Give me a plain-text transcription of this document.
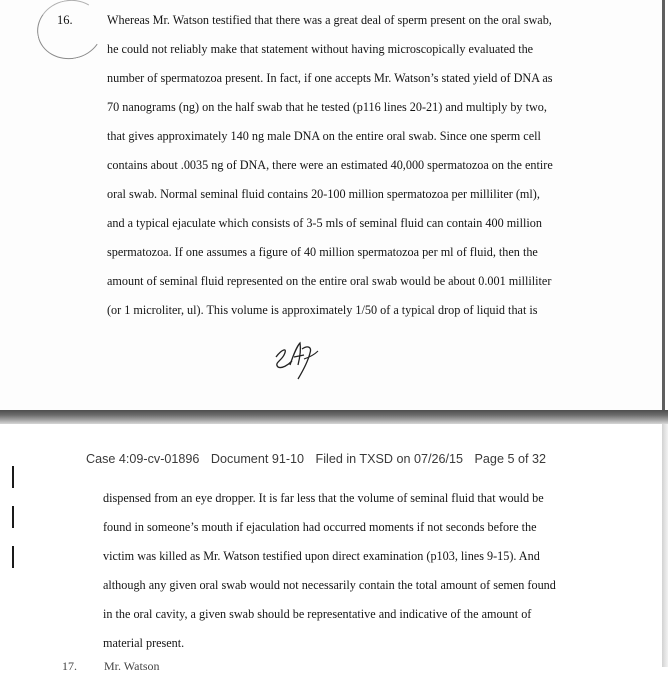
16.	Whereas Mr. Watson testified that there was a great deal of sperm present on the oral swab,
he could not reliably make that statement without having microscopically evaluated the
number of spermatozoa present. In fact, if one accepts Mr. Watson’s stated yield of DNA as
70 nanograms (ng) on the half swab that he tested (p116 lines 20-21) and multiply by two,
that gives approximately 140 ng male DNA on the entire oral swab. Since one sperm cell
contains about .0035 ng of DNA, there were an estimated 40,000 spermatozoa on the entire
oral swab. Normal seminal fluid contains 20-100 million spermatozoa per milliliter (ml),
and a typical ejaculate which consists of 3-5 mls of seminal fluid can contain 400 million
spermatozoa. If one assumes a figure of 40 million spermatozoa per ml of fluid, then the
amount of seminal fluid represented on the entire oral swab would be about 0.001 milliliter
(or 1 microliter, ul). This volume is approximately 1/50 of a typical drop of liquid that is
Case 4:09-cv-01896 Document 91-10 Filed in TXSD on 07/26/15 Page 5 of 32
dispensed from an eye dropper. It is far less that the volume of seminal fluid that would be
found in someone’s mouth if ejaculation had occurred moments if not seconds before the
victim was killed as Mr. Watson testified upon direct examination (p103, lines 9-15). And
although any given oral swab would not necessarily contain the total amount of semen found
in the oral cavity, a given swab should be representative and indicative of the amount of
material present.
17. Mr. Watson
